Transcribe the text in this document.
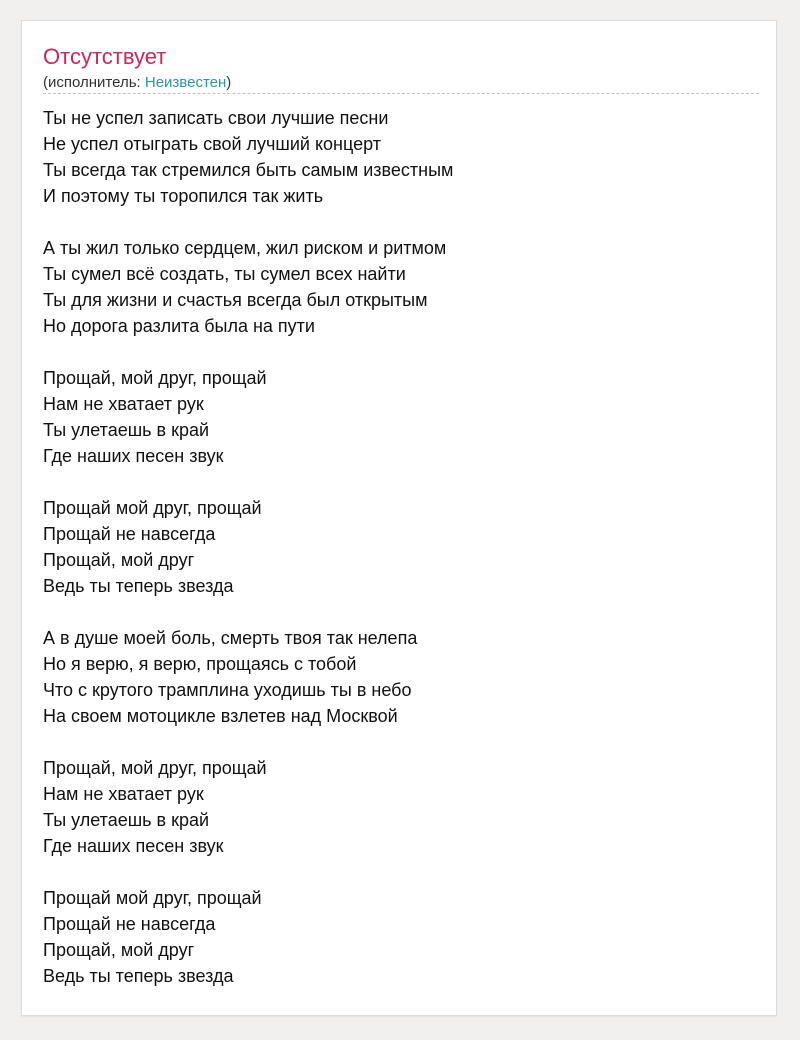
Отсутствует
(исполнитель: Неизвестен)
Ты не успел записать свои лучшие песни
Не успел отыграть свой лучший концерт
Ты всегда так стремился быть самым известным
И поэтому ты торопился так жить
А ты жил только сердцем, жил риском и ритмом
Ты сумел всё создать, ты сумел всех найти
Ты для жизни и счастья всегда был открытым
Но дорога разлита была на пути
Прощай, мой друг, прощай
Нам не хватает рук
Ты улетаешь в край
Где наших песен звук
Прощай мой друг, прощай
Прощай не навсегда
Прощай, мой друг
Ведь ты теперь звезда
А в душе моей боль, смерть твоя так нелепа
Но я верю, я верю, прощаясь с тобой
Что с крутого трамплина уходишь ты в небо
На своем мотоцикле взлетев над Москвой
Прощай, мой друг, прощай
Нам не хватает рук
Ты улетаешь в край
Где наших песен звук
Прощай мой друг, прощай
Прощай не навсегда
Прощай, мой друг
Ведь ты теперь звезда
